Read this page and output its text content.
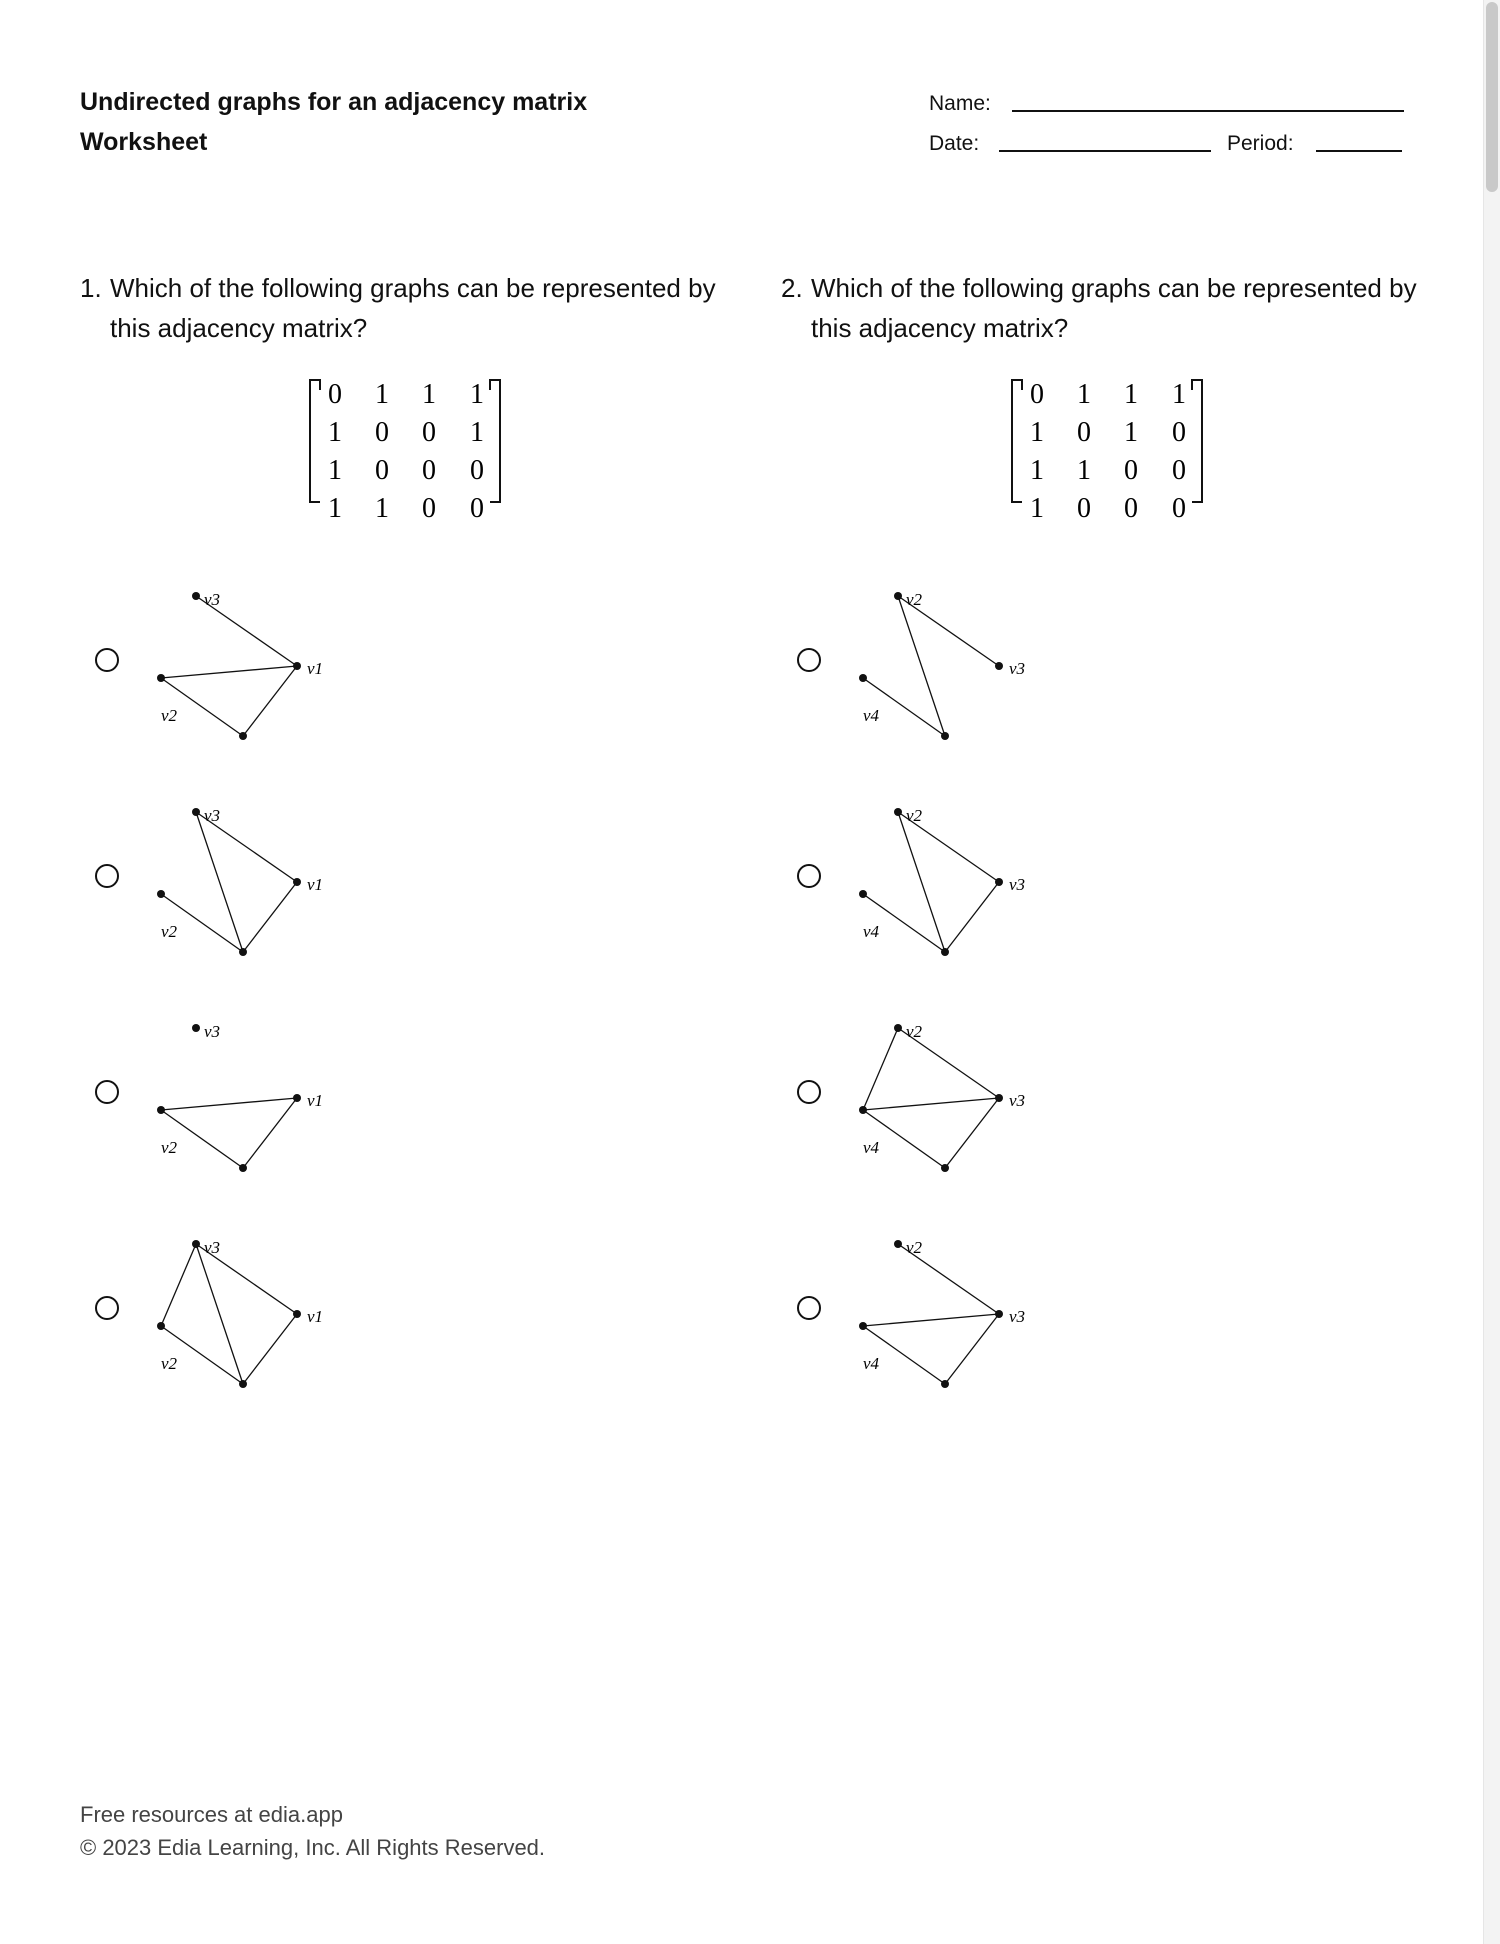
Undirected graphs for an adjacency matrix
Worksheet
Name:
Date:	Period:
1. Which of the following graphs can be represented by this adjacency matrix?
0 1 1 1
1 0 0 1
1 0 0 0
1 1 0 0
v3
v1
v2
v3
v1
v2
v3
v1
v2
v3
v1
v2
2. Which of the following graphs can be represented by this adjacency matrix?
0 1 1 1
1 0 1 0
1 1 0 0
1 0 0 0
v2
v3
v4
v2
v3
v4
v2
v3
v4
v2
v3
v4
Free resources at edia.app
© 2023 Edia Learning, Inc. All Rights Reserved.
